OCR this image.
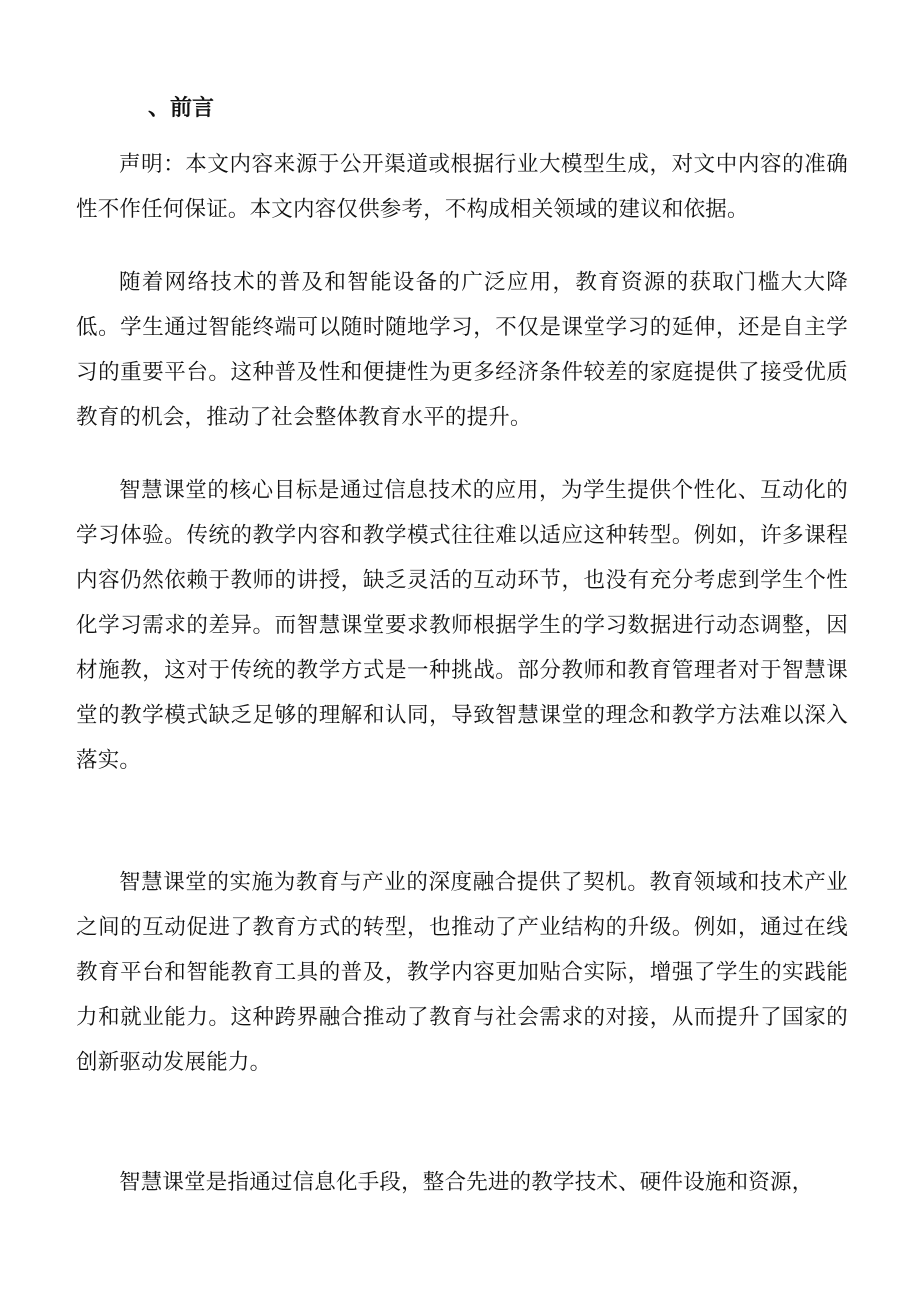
、前言

声明：本文内容来源于公开渠道或根据行业大模型生成，对文中内容的准确性不作任何保证。本文内容仅供参考，不构成相关领域的建议和依据。

随着网络技术的普及和智能设备的广泛应用，教育资源的获取门槛大大降低。学生通过智能终端可以随时随地学习，不仅是课堂学习的延伸，还是自主学习的重要平台。这种普及性和便捷性为更多经济条件较差的家庭提供了接受优质教育的机会，推动了社会整体教育水平的提升。

智慧课堂的核心目标是通过信息技术的应用，为学生提供个性化、互动化的学习体验。传统的教学内容和教学模式往往难以适应这种转型。例如，许多课程内容仍然依赖于教师的讲授，缺乏灵活的互动环节，也没有充分考虑到学生个性化学习需求的差异。而智慧课堂要求教师根据学生的学习数据进行动态调整，因材施教，这对于传统的教学方式是一种挑战。部分教师和教育管理者对于智慧课堂的教学模式缺乏足够的理解和认同，导致智慧课堂的理念和教学方法难以深入落实。

智慧课堂的实施为教育与产业的深度融合提供了契机。教育领域和技术产业之间的互动促进了教育方式的转型，也推动了产业结构的升级。例如，通过在线教育平台和智能教育工具的普及，教学内容更加贴合实际，增强了学生的实践能力和就业能力。这种跨界融合推动了教育与社会需求的对接，从而提升了国家的创新驱动发展能力。

智慧课堂是指通过信息化手段，整合先进的教学技术、硬件设施和资源，
